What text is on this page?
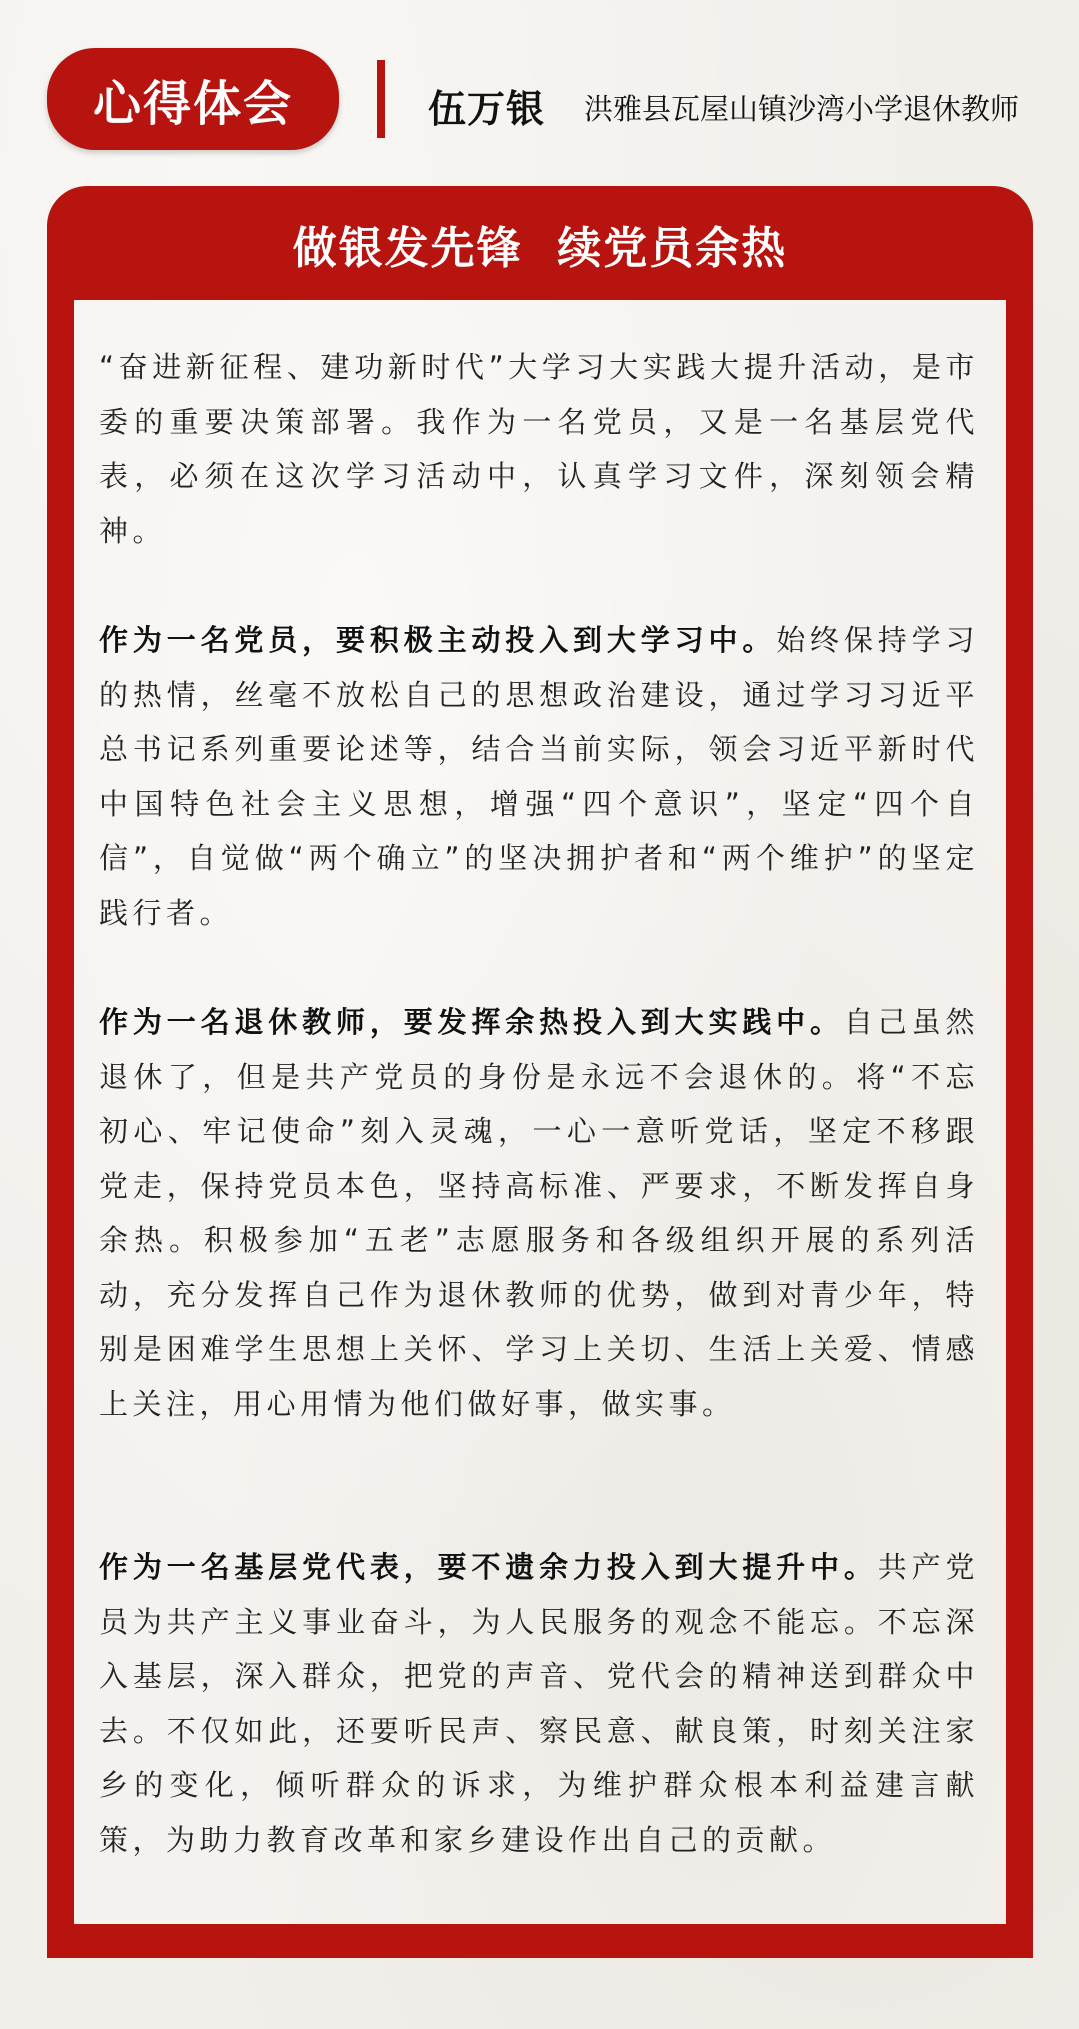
心得体会	伍万银 洪雅县瓦屋山镇沙湾小学退休教师
做银发先锋  续党员余热

“奋进新征程、建功新时代”大学习大实践大提升活动，是市委的重要决策部署。我作为一名党员，又是一名基层党代表，必须在这次学习活动中，认真学习文件，深刻领会精神。

作为一名党员，要积极主动投入到大学习中。始终保持学习的热情，丝毫不放松自己的思想政治建设，通过学习习近平总书记系列重要论述等，结合当前实际，领会习近平新时代中国特色社会主义思想，增强“四个意识”，坚定“四个自信”，自觉做“两个确立”的坚决拥护者和“两个维护”的坚定践行者。

作为一名退休教师，要发挥余热投入到大实践中。自己虽然退休了，但是共产党员的身份是永远不会退休的。将“不忘初心、牢记使命”刻入灵魂，一心一意听党话，坚定不移跟党走，保持党员本色，坚持高标准、严要求，不断发挥自身余热。积极参加“五老”志愿服务和各级组织开展的系列活动，充分发挥自己作为退休教师的优势，做到对青少年，特别是困难学生思想上关怀、学习上关切、生活上关爱、情感上关注，用心用情为他们做好事，做实事。

作为一名基层党代表，要不遗余力投入到大提升中。共产党员为共产主义事业奋斗，为人民服务的观念不能忘。不忘深入基层，深入群众，把党的声音、党代会的精神送到群众中去。不仅如此，还要听民声、察民意、献良策，时刻关注家乡的变化，倾听群众的诉求，为维护群众根本利益建言献策，为助力教育改革和家乡建设作出自己的贡献。
